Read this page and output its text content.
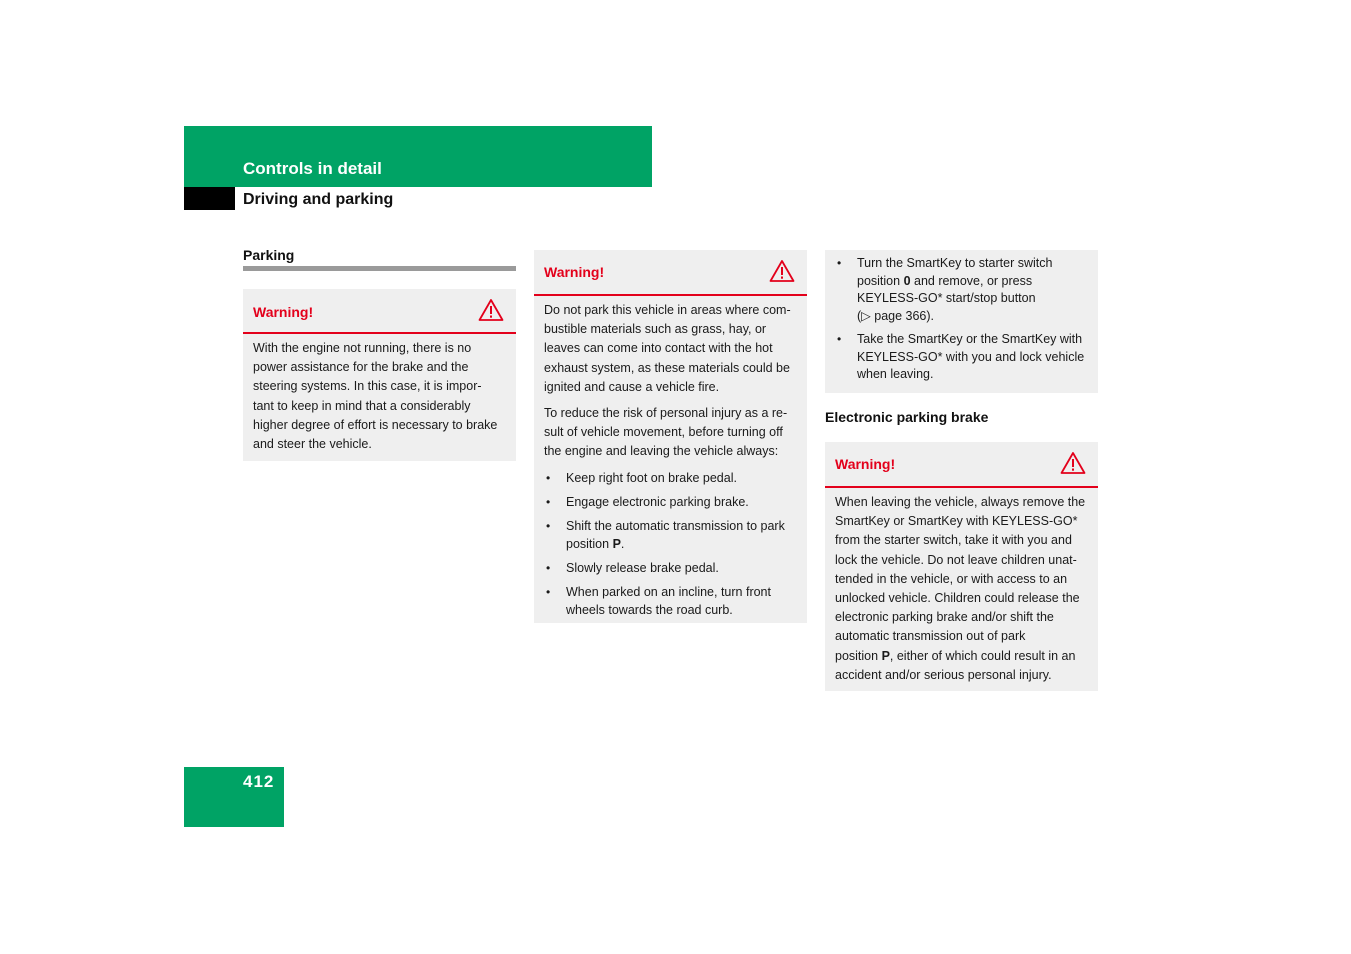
Controls in detail
Driving and parking
Parking
Warning!

With the engine not running, there is no
power assistance for the brake and the
steering systems. In this case, it is impor-
tant to keep in mind that a considerably
higher degree of effort is necessary to brake
and steer the vehicle.

Warning!

Do not park this vehicle in areas where com-
bustible materials such as grass, hay, or
leaves can come into contact with the hot
exhaust system, as these materials could be
ignited and cause a vehicle fire.

To reduce the risk of personal injury as a re-
sult of vehicle movement, before turning off
the engine and leaving the vehicle always:

• Keep right foot on brake pedal.
• Engage electronic parking brake.
• Shift the automatic transmission to park
position P.
• Slowly release brake pedal.
• When parked on an incline, turn front
wheels towards the road curb.
• Turn the SmartKey to starter switch
position 0 and remove, or press
KEYLESS-GO* start/stop button
(▷ page 366).
• Take the SmartKey or the SmartKey with
KEYLESS-GO* with you and lock vehicle
when leaving.
Electronic parking brake
Warning!

When leaving the vehicle, always remove the
SmartKey or SmartKey with KEYLESS-GO*
from the starter switch, take it with you and
lock the vehicle. Do not leave children unat-
tended in the vehicle, or with access to an
unlocked vehicle. Children could release the
electronic parking brake and/or shift the
automatic transmission out of park
position P, either of which could result in an
accident and/or serious personal injury.

412
